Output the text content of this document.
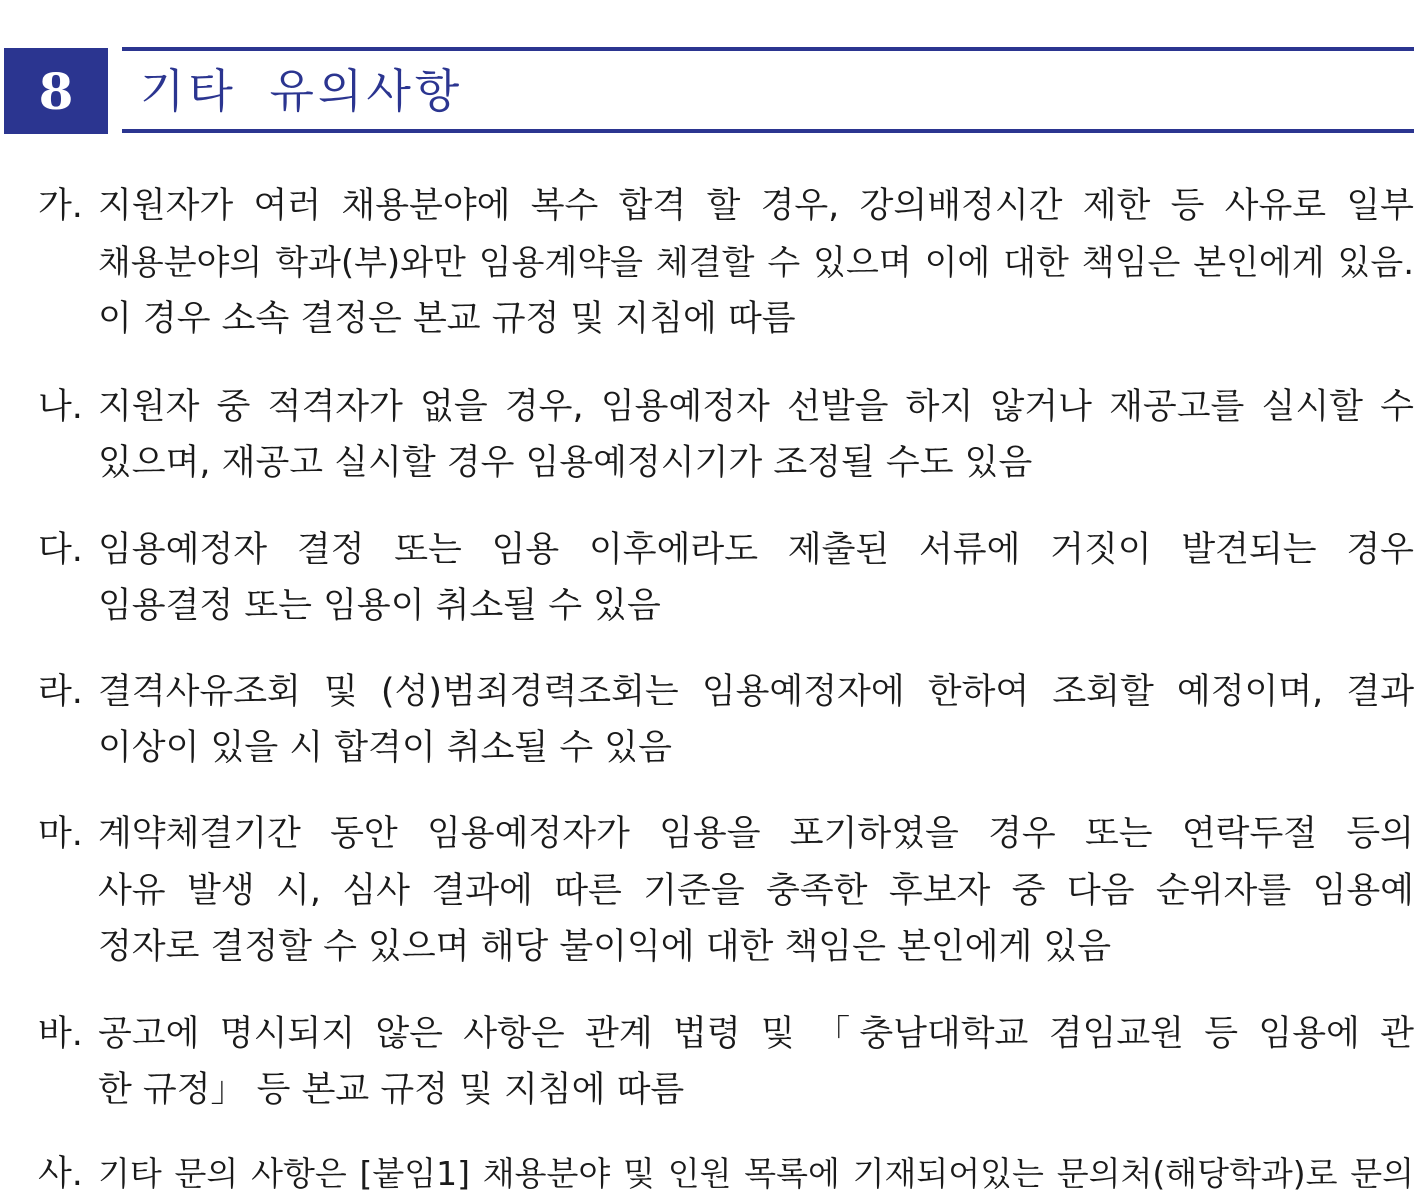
8 기타 유의사항
가. 지원자가 여러 채용분야에 복수 합격 할 경우, 강의배정시간 제한 등 사유로 일부
채용분야의 학과(부)와만 임용계약을 체결할 수 있으며 이에 대한 책임은 본인에게 있음.
이 경우 소속 결정은 본교 규정 및 지침에 따름
나. 지원자 중 적격자가 없을 경우, 임용예정자 선발을 하지 않거나 재공고를 실시할 수
있으며, 재공고 실시할 경우 임용예정시기가 조정될 수도 있음
다. 임용예정자 결정 또는 임용 이후에라도 제출된 서류에 거짓이 발견되는 경우
임용결정 또는 임용이 취소될 수 있음
라. 결격사유조회 및 (성)범죄경력조회는 임용예정자에 한하여 조회할 예정이며, 결과
이상이 있을 시 합격이 취소될 수 있음
마. 계약체결기간 동안 임용예정자가 임용을 포기하였을 경우 또는 연락두절 등의
사유 발생 시, 심사 결과에 따른 기준을 충족한 후보자 중 다음 순위자를 임용예
정자로 결정할 수 있으며 해당 불이익에 대한 책임은 본인에게 있음
바. 공고에 명시되지 않은 사항은 관계 법령 및 「충남대학교 겸임교원 등 임용에 관
한 규정」 등 본교 규정 및 지침에 따름
사. 기타 문의 사항은 [붙임1] 채용분야 및 인원 목록에 기재되어있는 문의처(해당학과)로 문의
